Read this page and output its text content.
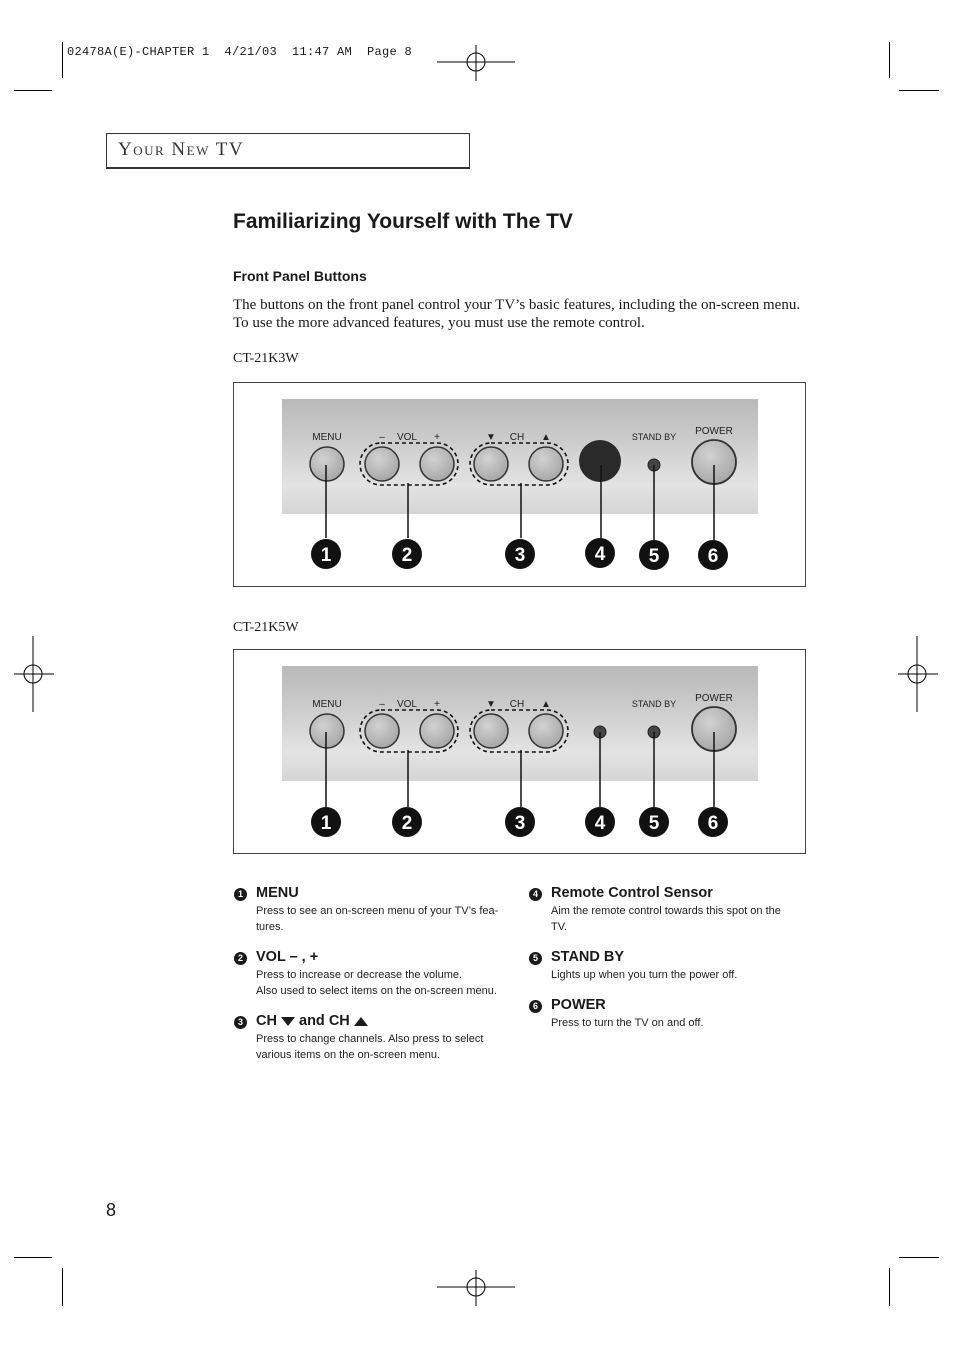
02478A(E)-CHAPTER 1  4/21/03  11:47 AM  Page 8
Your New TV
Familiarizing Yourself with The TV
Front Panel Buttons
The buttons on the front panel control your TV’s basic features, including the on-screen menu. To use the more advanced features, you must use the remote control.
CT-21K3W
MENU	– VOL +	▼ CH ▲	STAND BY POWER
1	2	3	4 5	6
CT-21K5W
MENU	– VOL +	▼ CH ▲	STAND BY POWER
1	2	3	4 5	6
1 MENU
Press to see an on-screen menu of your TV’s fea-
tures.
2 VOL – , +
Press to increase or decrease the volume.
Also used to select items on the on-screen menu.
3 CH and CH
Press to change channels. Also press to select
various items on the on-screen menu.
4 Remote Control Sensor
Aim the remote control towards this spot on the
TV.
5 STAND BY
Lights up when you turn the power off.
6 POWER
Press to turn the TV on and off.
8
